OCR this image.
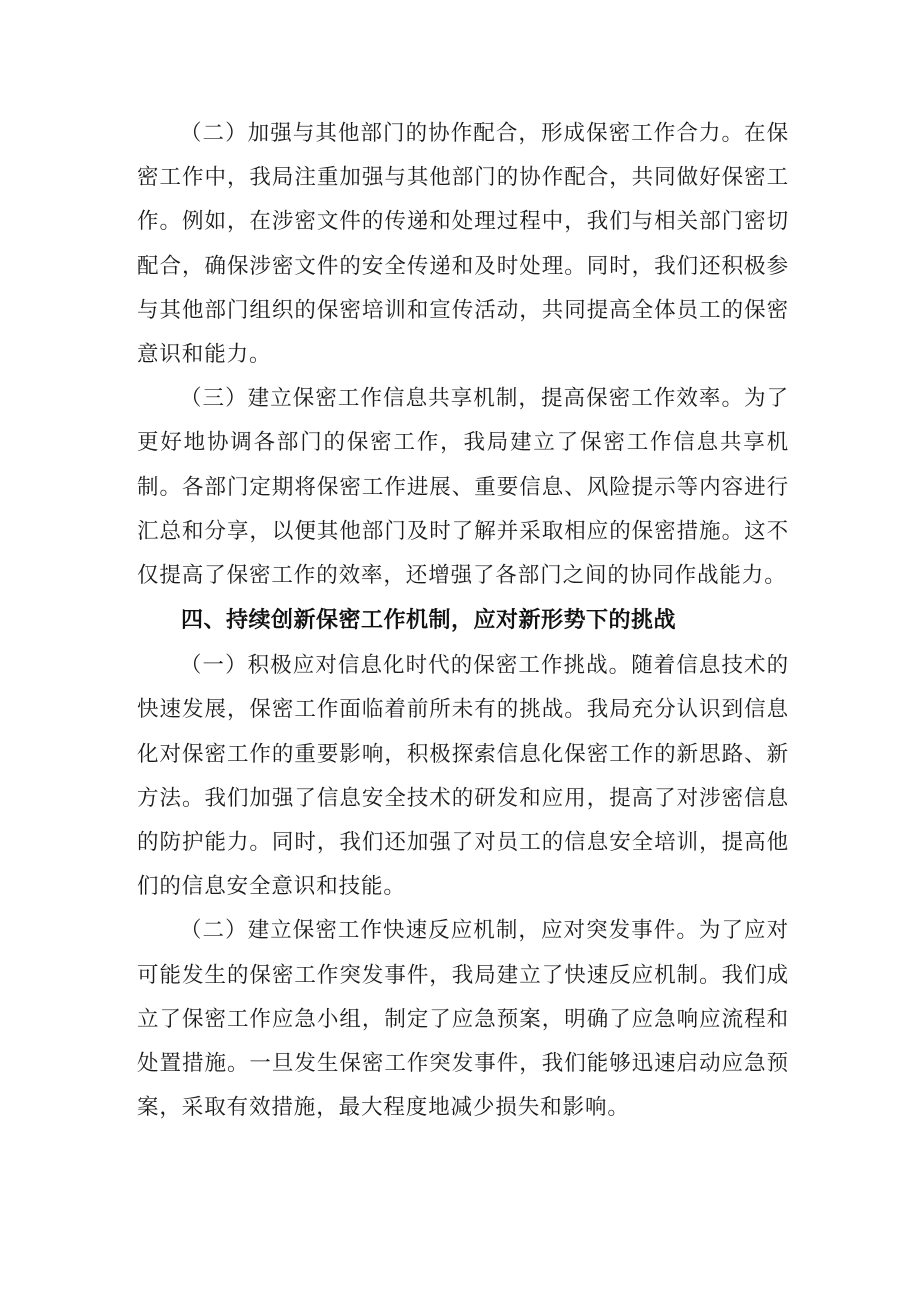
（二）加强与其他部门的协作配合，形成保密工作合力。在保密工作中，我局注重加强与其他部门的协作配合，共同做好保密工作。例如，在涉密文件的传递和处理过程中，我们与相关部门密切配合，确保涉密文件的安全传递和及时处理。同时，我们还积极参与其他部门组织的保密培训和宣传活动，共同提高全体员工的保密意识和能力。

（三）建立保密工作信息共享机制，提高保密工作效率。为了更好地协调各部门的保密工作，我局建立了保密工作信息共享机制。各部门定期将保密工作进展、重要信息、风险提示等内容进行汇总和分享，以便其他部门及时了解并采取相应的保密措施。这不仅提高了保密工作的效率，还增强了各部门之间的协同作战能力。

四、持续创新保密工作机制，应对新形势下的挑战

（一）积极应对信息化时代的保密工作挑战。随着信息技术的快速发展，保密工作面临着前所未有的挑战。我局充分认识到信息化对保密工作的重要影响，积极探索信息化保密工作的新思路、新方法。我们加强了信息安全技术的研发和应用，提高了对涉密信息的防护能力。同时，我们还加强了对员工的信息安全培训，提高他们的信息安全意识和技能。

（二）建立保密工作快速反应机制，应对突发事件。为了应对可能发生的保密工作突发事件，我局建立了快速反应机制。我们成立了保密工作应急小组，制定了应急预案，明确了应急响应流程和处置措施。一旦发生保密工作突发事件，我们能够迅速启动应急预案，采取有效措施，最大程度地减少损失和影响。
